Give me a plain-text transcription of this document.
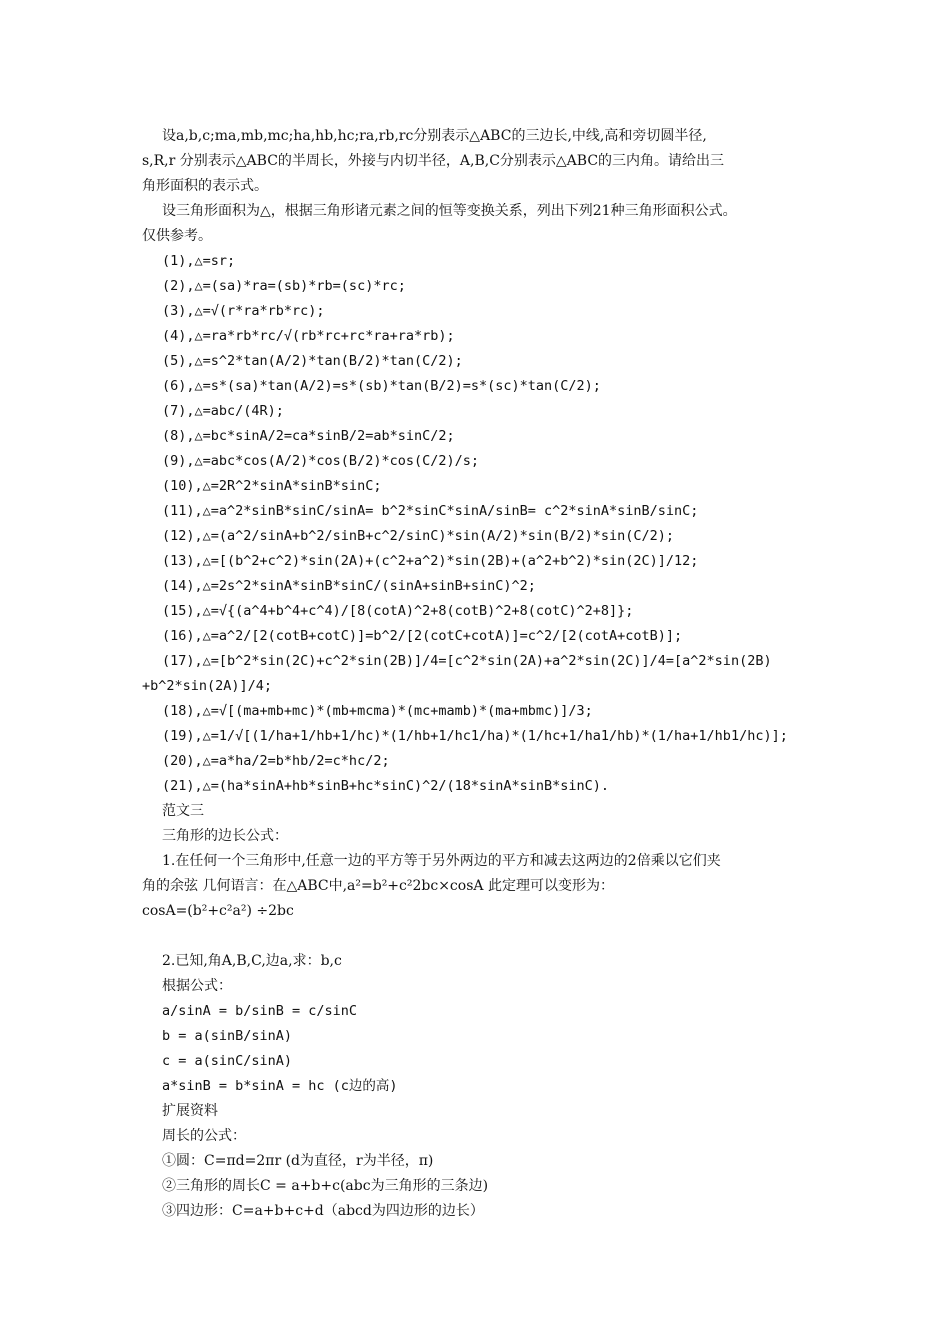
设a,b,c;ma,mb,mc;ha,hb,hc;ra,rb,rc分别表示△ABC的三边长,中线,高和旁切圆半径,
s,R,r 分别表示△ABC的半周长，外接与内切半径，A,B,C分别表示△ABC的三内角。请给出三
角形面积的表示式。
设三角形面积为△，根据三角形诸元素之间的恒等变换关系，列出下列21种三角形面积公式。
仅供参考。
(1),△=sr;
(2),△=(sa)*ra=(sb)*rb=(sc)*rc;
(3),△=√(r*ra*rb*rc);
(4),△=ra*rb*rc/√(rb*rc+rc*ra+ra*rb);
(5),△=s^2*tan(A/2)*tan(B/2)*tan(C/2);
(6),△=s*(sa)*tan(A/2)=s*(sb)*tan(B/2)=s*(sc)*tan(C/2);
(7),△=abc/(4R);
(8),△=bc*sinA/2=ca*sinB/2=ab*sinC/2;
(9),△=abc*cos(A/2)*cos(B/2)*cos(C/2)/s;
(10),△=2R^2*sinA*sinB*sinC;
(11),△=a^2*sinB*sinC/sinA= b^2*sinC*sinA/sinB= c^2*sinA*sinB/sinC;
(12),△=(a^2/sinA+b^2/sinB+c^2/sinC)*sin(A/2)*sin(B/2)*sin(C/2);
(13),△=[(b^2+c^2)*sin(2A)+(c^2+a^2)*sin(2B)+(a^2+b^2)*sin(2C)]/12;
(14),△=2s^2*sinA*sinB*sinC/(sinA+sinB+sinC)^2;
(15),△=√{(a^4+b^4+c^4)/[8(cotA)^2+8(cotB)^2+8(cotC)^2+8]};
(16),△=a^2/[2(cotB+cotC)]=b^2/[2(cotC+cotA)]=c^2/[2(cotA+cotB)];
(17),△=[b^2*sin(2C)+c^2*sin(2B)]/4=[c^2*sin(2A)+a^2*sin(2C)]/4=[a^2*sin(2B)
+b^2*sin(2A)]/4;
(18),△=√[(ma+mb+mc)*(mb+mcma)*(mc+mamb)*(ma+mbmc)]/3;
(19),△=1/√[(1/ha+1/hb+1/hc)*(1/hb+1/hc1/ha)*(1/hc+1/ha1/hb)*(1/ha+1/hb1/hc)];
(20),△=a*ha/2=b*hb/2=c*hc/2;
(21),△=(ha*sinA+hb*sinB+hc*sinC)^2/(18*sinA*sinB*sinC).
范文三
三角形的边长公式：
1.在任何一个三角形中,任意一边的平方等于另外两边的平方和减去这两边的2倍乘以它们夹
角的余弦 几何语言：在△ABC中,a²=b²+c²2bc×cosA 此定理可以变形为：
cosA=(b²+c²a²) ÷2bc
2.已知,角A,B,C,边a,求：b,c
根据公式：
a/sinA = b/sinB = c/sinC
b = a(sinB/sinA)
c = a(sinC/sinA)
a*sinB = b*sinA = hc (c边的高)
扩展资料
周长的公式：
①圆：C=πd=2πr (d为直径，r为半径，π)
②三角形的周长C = a+b+c(abc为三角形的三条边)
③四边形：C=a+b+c+d（abcd为四边形的边长）
